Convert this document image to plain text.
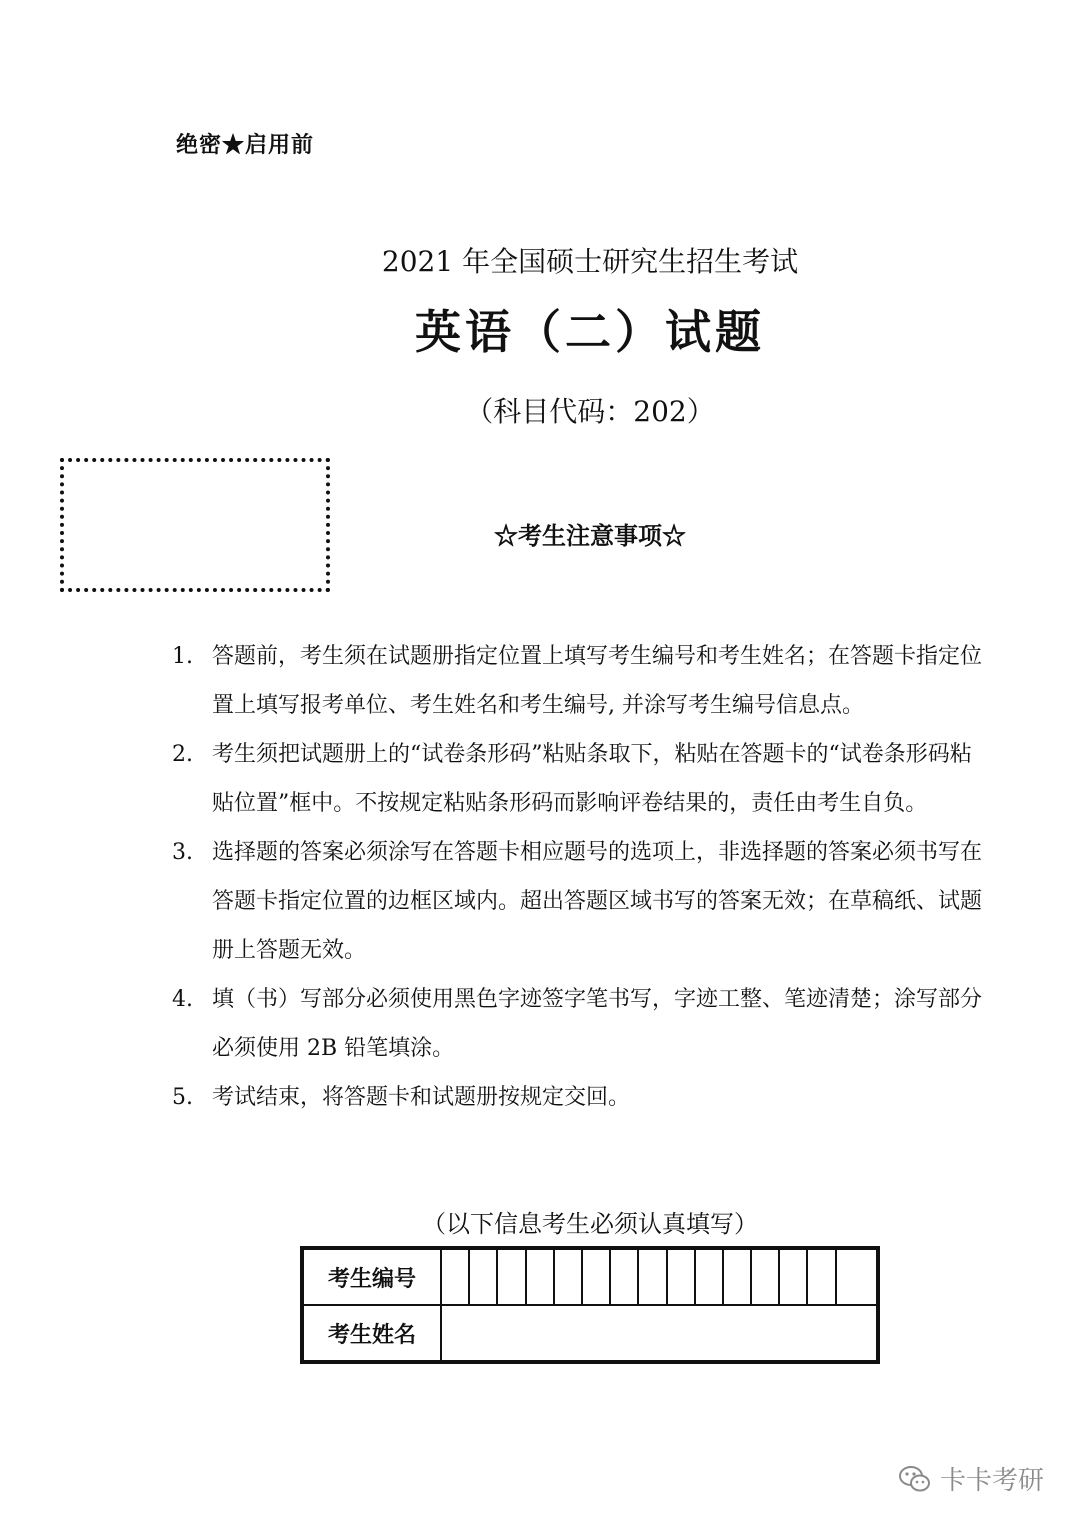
绝密★启用前
2021 年全国硕士研究生招生考试
英语（二）试题
（科目代码：202）
☆考生注意事项☆
1. 答题前，考生须在试题册指定位置上填写考生编号和考生姓名；在答题卡指定位置上填写报考单位、考生姓名和考生编号, 并涂写考生编号信息点。
2. 考生须把试题册上的“试卷条形码”粘贴条取下，粘贴在答题卡的“试卷条形码粘贴位置”框中。不按规定粘贴条形码而影响评卷结果的，责任由考生自负。
3. 选择题的答案必须涂写在答题卡相应题号的选项上，非选择题的答案必须书写在答题卡指定位置的边框区域内。超出答题区域书写的答案无效；在草稿纸、试题册上答题无效。
4. 填（书）写部分必须使用黑色字迹签字笔书写，字迹工整、笔迹清楚；涂写部分必须使用 2B 铅笔填涂。
5. 考试结束，将答题卡和试题册按规定交回。
（以下信息考生必须认真填写）
考生编号															
考生姓名															
卡卡考研
